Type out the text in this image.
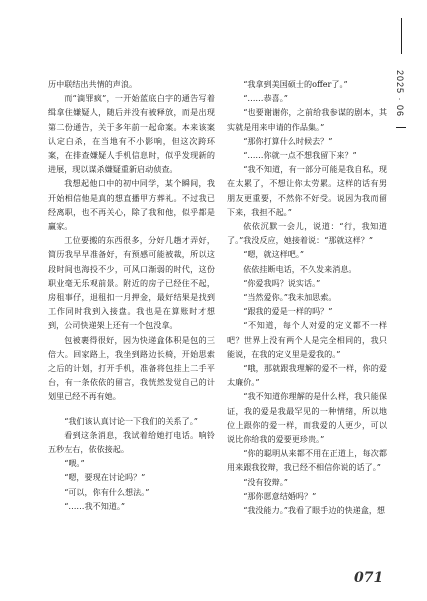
2025 · 06

历中联结出共情的声浪。

而“滴罪疯”，一开始蓝底白字的通告写着缉拿住嫌疑人，随后并没有被释放，而是出现第二份通告，关于多年前一起命案。本来该案认定白杀，在当地有不小影响，但这次跨环案，在排查嫌疑人手机信息时，似乎发现新的进展，现以谋杀嫌疑重新启动侦查。

我想起他口中的初中同学，某个瞬间，我开始相信他是真的想直播甲方葬礼。不过我已经离职，也不再关心，除了我和他，似乎都是赢家。

工位要搬的东西很多，分好几趟才弄好，简历我早早准备好，有预感可能被裁，所以这段时间也海投不少，可风口渐弱的时代，这份职业毫无乐观前景。附近的房子已经住不起，房租事仔，退租扣一月押金，最好结果是找到工作同时我到入接盘。我也是在算账时才想到，公司快递架上还有一个包没拿。

包被裹得很好，因为快递盒体积是包的三倍大。回家路上，我坐到路边长椅，开始思索之后的计划，打开手机，准备将包挂上二手平台，有一条依依的留言，我恍然发觉自己的计划里已经不再有她。

“我们该认真讨论一下我们的关系了。”

看到这条消息，我试着给她打电话。响铃五秒左右，依依接起。

“喂。”

“嗯，要现在讨论吗？”

“可以，你有什么想法。”

“……我不知道。”

“我拿到美国硕士的offer了。”

“……恭喜。”

“也要谢谢你，之前给我参谋的剧本，其实就是用来申请的作品集。”

“那你打算什么时候去？”

“……你就一点不想我留下来？”

“我不知道，有一部分可能是我自私，现在太累了，不想让你太劳累。这样的话有男朋友更重要，不然你不好受。说因为我而留下来，我担不起。”

依依沉默一会儿，说道：“行，我知道了。”我没反应，她接着说：“那就这样？”

“嗯，就这样吧。”

依依挂断电话，不久发来消息。

“你爱我吗？说实话。”

“当然爱你。”我未加思索。

“跟我的爱是一样的吗？”

“不知道，每个人对爱的定义都不一样吧？世界上没有两个人是完全相同的，我只能说，在我的定义里是爱我的。”

“哦，那就跟我理解的爱不一样，你的爱太廉价。”

“我不知道你理解的是什么样，我只能保证，我的爱是我最罕见的一种情绪，所以地位上跟你的爱一样，而我爱的人更少，可以说比你给我的爱要更珍贵。”

“你的聪明从来都不用在正道上，每次都用来跟我狡辩，我已经不相信你说的话了。”

“没有狡辩。”

“那你愿意结婚吗？”

“我没能力。”我看了眼手边的快递盒，想

071
